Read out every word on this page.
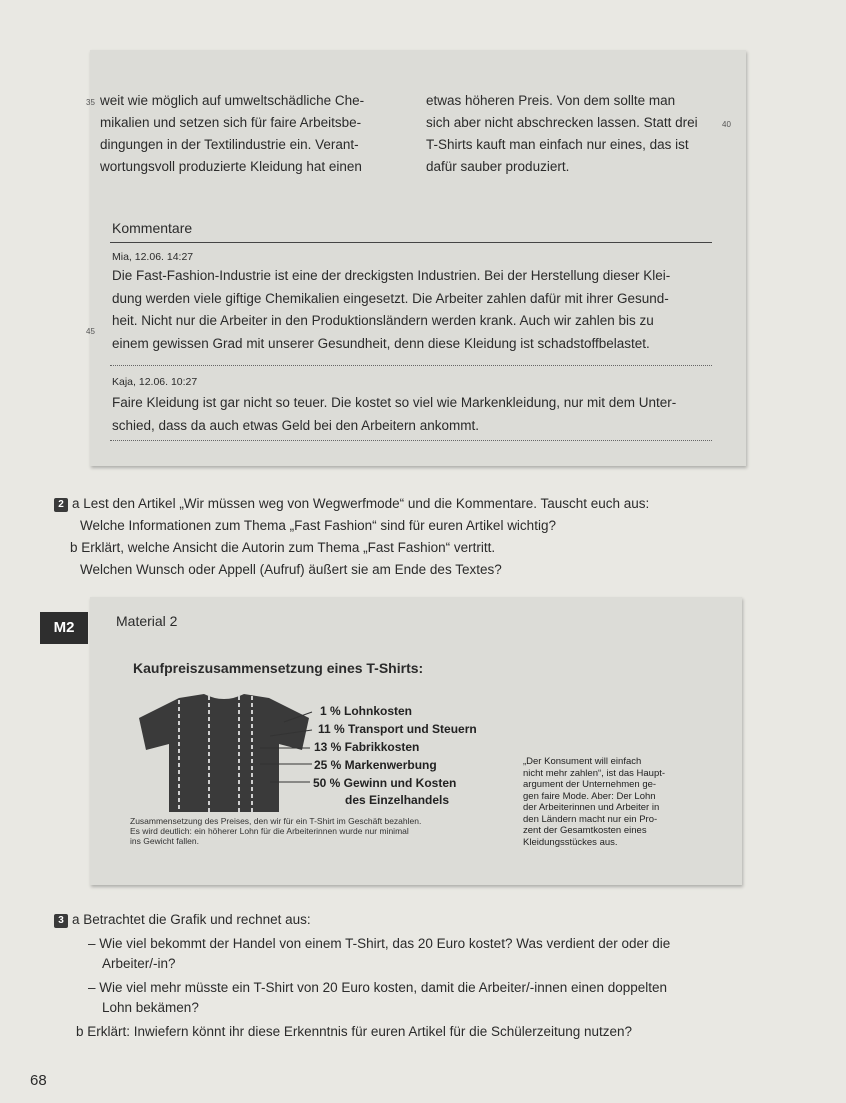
35 weit wie möglich auf umweltschädliche Che-
mikalien und setzen sich für faire Arbeitsbe-
dingungen in der Textilindustrie ein. Verant-
wortungsvoll produzierte Kleidung hat einen
etwas höheren Preis. Von dem sollte man
sich aber nicht abschrecken lassen. Statt drei
T-Shirts kauft man einfach nur eines, das ist
dafür sauber produziert.
40
Kommentare
Mia, 12.06. 14:27
Die Fast-Fashion-Industrie ist eine der dreckigsten Industrien. Bei der Herstellung dieser Klei-
dung werden viele giftige Chemikalien eingesetzt. Die Arbeiter zahlen dafür mit ihrer Gesund-
heit. Nicht nur die Arbeiter in den Produktionsländern werden krank. Auch wir zahlen bis zu
einem gewissen Grad mit unserer Gesundheit, denn diese Kleidung ist schadstoffbelastet.
45
Kaja, 12.06. 10:27
Faire Kleidung ist gar nicht so teuer. Die kostet so viel wie Markenkleidung, nur mit dem Unter-
schied, dass da auch etwas Geld bei den Arbeitern ankommt.
2 a Lest den Artikel „Wir müssen weg von Wegwerfmode“ und die Kommentare. Tauscht euch aus:
Welche Informationen zum Thema „Fast Fashion“ sind für euren Artikel wichtig?
b Erklärt, welche Ansicht die Autorin zum Thema „Fast Fashion“ vertritt.
Welchen Wunsch oder Appell (Aufruf) äußert sie am Ende des Textes?
M2	Material 2
Kaufpreiszusammensetzung eines T-Shirts:
1 % Lohnkosten
11 % Transport und Steuern
13 % Fabrikkosten
25 % Markenwerbung
50 % Gewinn und Kosten
des Einzelhandels
Zusammensetzung des Preises, den wir für ein T-Shirt im Geschäft bezahlen.
Es wird deutlich: ein höherer Lohn für die Arbeiterinnen wurde nur minimal
ins Gewicht fallen.
„Der Konsument will einfach
nicht mehr zahlen“, ist das Haupt-
argument der Unternehmen ge-
gen faire Mode. Aber: Der Lohn
der Arbeiterinnen und Arbeiter in
den Ländern macht nur ein Pro-
zent der Gesamtkosten eines
Kleidungsstückes aus.
3 a Betrachtet die Grafik und rechnet aus:
– Wie viel bekommt der Handel von einem T-Shirt, das 20 Euro kostet? Was verdient der oder die
Arbeiter/-in?
– Wie viel mehr müsste ein T-Shirt von 20 Euro kosten, damit die Arbeiter/-innen einen doppelten
Lohn bekämen?
b Erklärt: Inwiefern könnt ihr diese Erkenntnis für euren Artikel für die Schülerzeitung nutzen?
68
